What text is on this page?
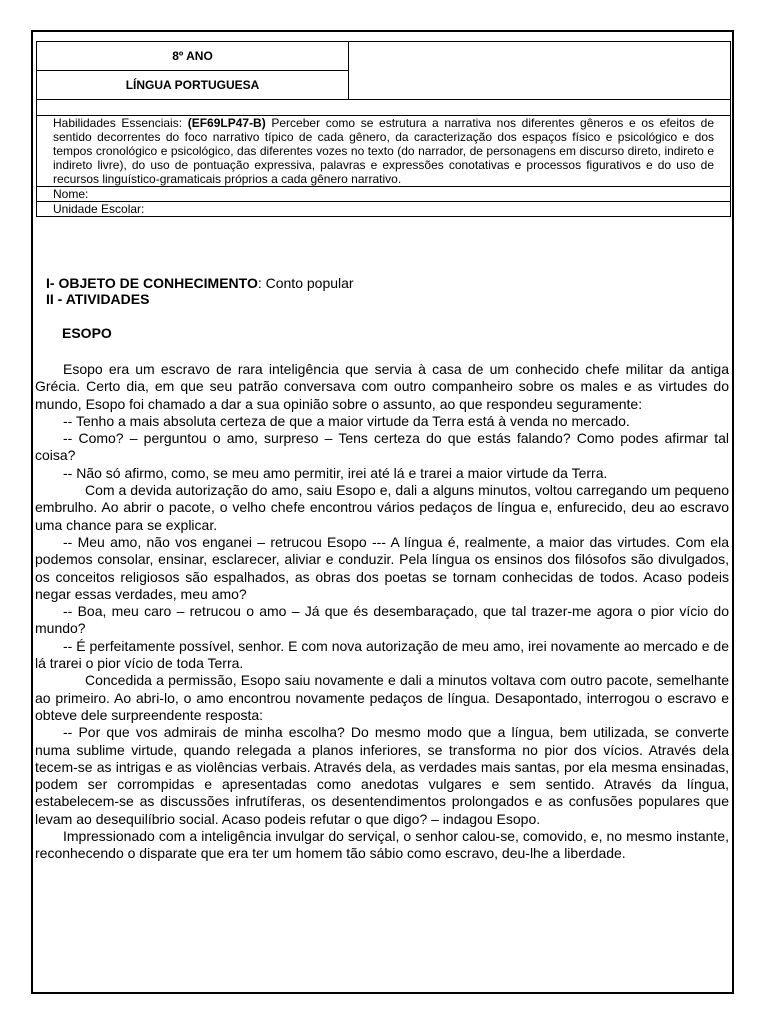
8º ANO	
LÍNGUA PORTUGUESA

Habilidades Essenciais: (EF69LP47-B) Perceber como se estrutura a narrativa nos diferentes gêneros e os efeitos de sentido decorrentes do foco narrativo típico de cada gênero, da caracterização dos espaços físico e psicológico e dos tempos cronológico e psicológico, das diferentes vozes no texto (do narrador, de personagens em discurso direto, indireto e indireto livre), do uso de pontuação expressiva, palavras e expressões conotativas e processos figurativos e do uso de recursos linguístico-gramaticais próprios a cada gênero narrativo.
Nome:
Unidade Escolar:
I- OBJETO DE CONHECIMENTO: Conto popular
II - ATIVIDADES
ESOPO

Esopo era um escravo de rara inteligência que servia à casa de um conhecido chefe militar da antiga Grécia. Certo dia, em que seu patrão conversava com outro companheiro sobre os males e as virtudes do mundo, Esopo foi chamado a dar a sua opinião sobre o assunto, ao que respondeu seguramente:

-- Tenho a mais absoluta certeza de que a maior virtude da Terra está à venda no mercado.

-- Como? – perguntou o amo, surpreso – Tens certeza do que estás falando? Como podes afirmar tal coisa?

-- Não só afirmo, como, se meu amo permitir, irei até lá e trarei a maior virtude da Terra.

Com a devida autorização do amo, saiu Esopo e, dali a alguns minutos, voltou carregando um pequeno embrulho. Ao abrir o pacote, o velho chefe encontrou vários pedaços de língua e, enfurecido, deu ao escravo uma chance para se explicar.

-- Meu amo, não vos enganei – retrucou Esopo --- A língua é, realmente, a maior das virtudes. Com ela podemos consolar, ensinar, esclarecer, aliviar e conduzir. Pela língua os ensinos dos filósofos são divulgados, os conceitos religiosos são espalhados, as obras dos poetas se tornam conhecidas de todos. Acaso podeis negar essas verdades, meu amo?

-- Boa, meu caro – retrucou o amo – Já que és desembaraçado, que tal trazer-me agora o pior vício do mundo?

-- É perfeitamente possível, senhor. E com nova autorização de meu amo, irei novamente ao mercado e de lá trarei o pior vício de toda Terra.

Concedida a permissão, Esopo saiu novamente e dali a minutos voltava com outro pacote, semelhante ao primeiro. Ao abri-lo, o amo encontrou novamente pedaços de língua. Desapontado, interrogou o escravo e obteve dele surpreendente resposta:

-- Por que vos admirais de minha escolha? Do mesmo modo que a língua, bem utilizada, se converte numa sublime virtude, quando relegada a planos inferiores, se transforma no pior dos vícios. Através dela tecem-se as intrigas e as violências verbais. Através dela, as verdades mais santas, por ela mesma ensinadas, podem ser corrompidas e apresentadas como anedotas vulgares e sem sentido. Através da língua, estabelecem-se as discussões infrutíferas, os desentendimentos prolongados e as confusões populares que levam ao desequilíbrio social. Acaso podeis refutar o que digo? – indagou Esopo.

Impressionado com a inteligência invulgar do serviçal, o senhor calou-se, comovido, e, no mesmo instante, reconhecendo o disparate que era ter um homem tão sábio como escravo, deu-lhe a liberdade.
